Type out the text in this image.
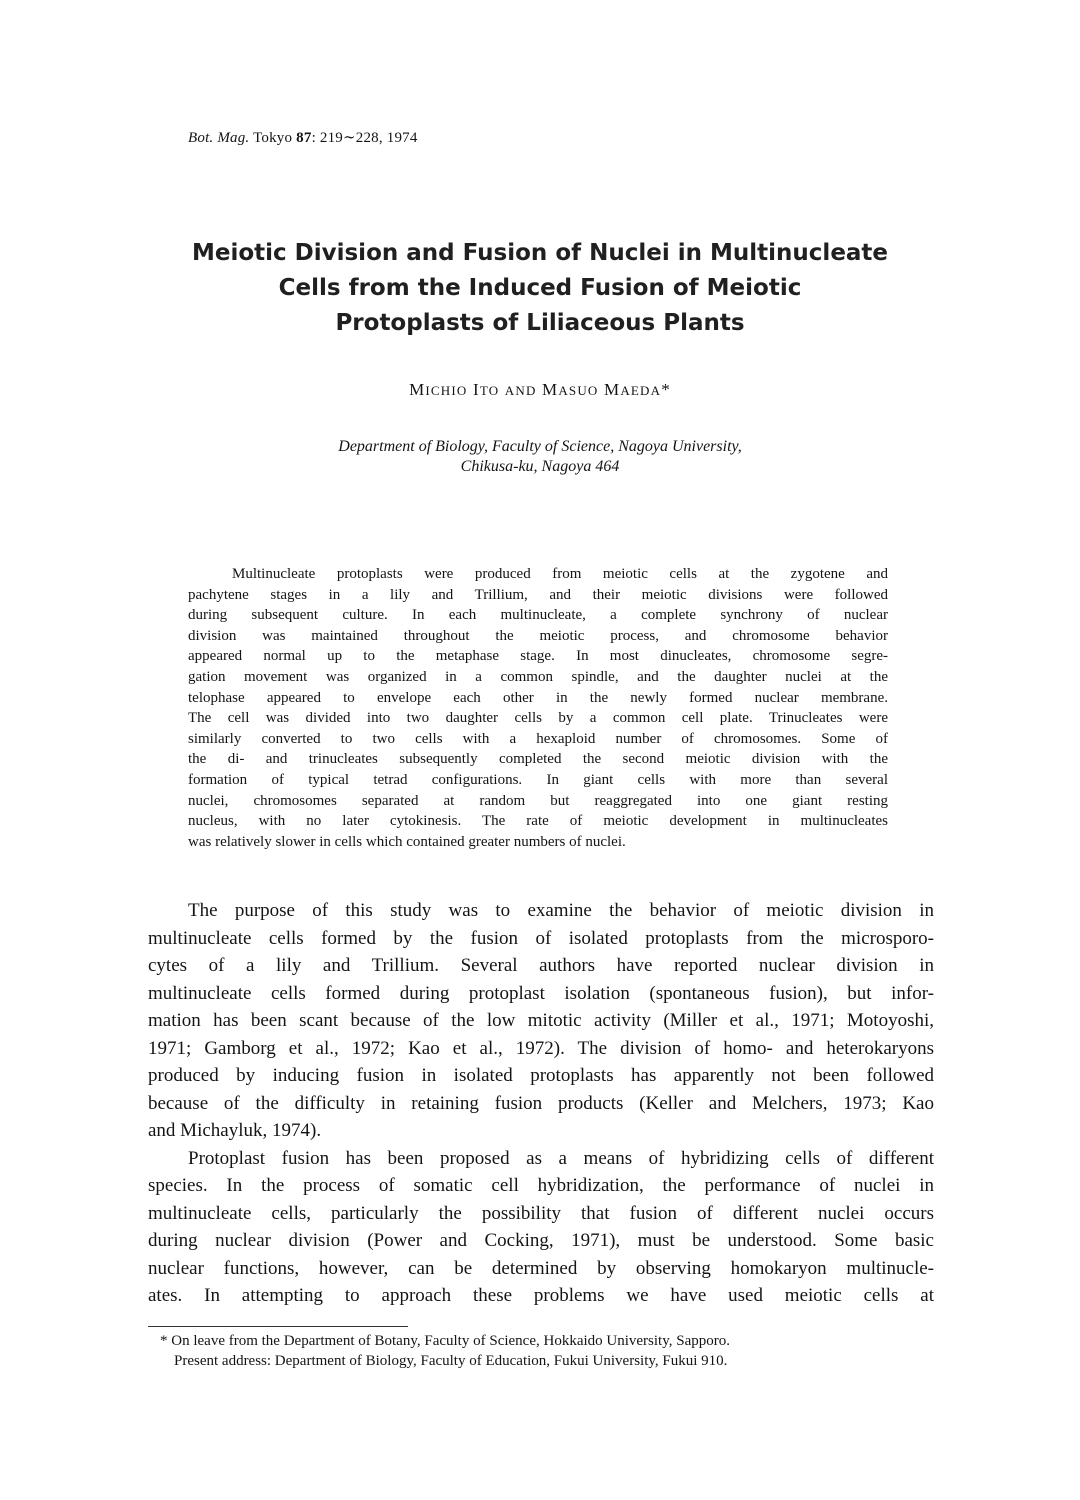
Bot. Mag. Tokyo 87: 219∼228, 1974
Meiotic Division and Fusion of Nuclei in Multinucleate
Cells from the Induced Fusion of Meiotic
Protoplasts of Liliaceous Plants
MICHIO ITO AND MASUO MAEDA*
Department of Biology, Faculty of Science, Nagoya University,
Chikusa-ku, Nagoya 464
Multinucleate protoplasts were produced from meiotic cells at the zygotene and
pachytene stages in a lily and Trillium, and their meiotic divisions were followed
during subsequent culture. In each multinucleate, a complete synchrony of nuclear
division was maintained throughout the meiotic process, and chromosome behavior
appeared normal up to the metaphase stage. In most dinucleates, chromosome segre-
gation movement was organized in a common spindle, and the daughter nuclei at the
telophase appeared to envelope each other in the newly formed nuclear membrane.
The cell was divided into two daughter cells by a common cell plate. Trinucleates were
similarly converted to two cells with a hexaploid number of chromosomes. Some of
the di- and trinucleates subsequently completed the second meiotic division with the
formation of typical tetrad configurations. In giant cells with more than several
nuclei, chromosomes separated at random but reaggregated into one giant resting
nucleus, with no later cytokinesis. The rate of meiotic development in multinucleates
was relatively slower in cells which contained greater numbers of nuclei.
The purpose of this study was to examine the behavior of meiotic division in
multinucleate cells formed by the fusion of isolated protoplasts from the microsporo-
cytes of a lily and Trillium. Several authors have reported nuclear division in
multinucleate cells formed during protoplast isolation (spontaneous fusion), but infor-
mation has been scant because of the low mitotic activity (Miller et al., 1971; Motoyoshi,
1971; Gamborg et al., 1972; Kao et al., 1972). The division of homo- and heterokaryons
produced by inducing fusion in isolated protoplasts has apparently not been followed
because of the difficulty in retaining fusion products (Keller and Melchers, 1973; Kao
and Michayluk, 1974).
Protoplast fusion has been proposed as a means of hybridizing cells of different
species. In the process of somatic cell hybridization, the performance of nuclei in
multinucleate cells, particularly the possibility that fusion of different nuclei occurs
during nuclear division (Power and Cocking, 1971), must be understood. Some basic
nuclear functions, however, can be determined by observing homokaryon multinucle-
ates. In attempting to approach these problems we have used meiotic cells at
* On leave from the Department of Botany, Faculty of Science, Hokkaido University, Sapporo.
Present address: Department of Biology, Faculty of Education, Fukui University, Fukui 910.
